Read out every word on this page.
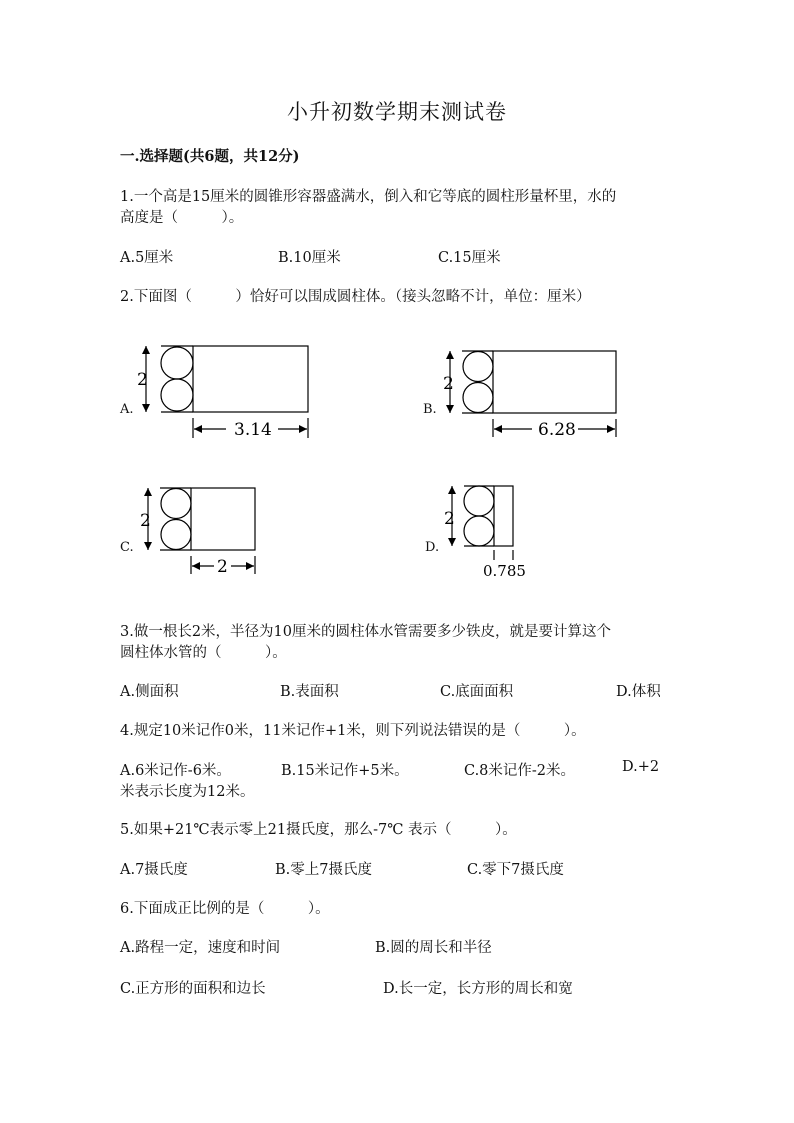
小升初数学期末测试卷
一.选择题(共6题，共12分)
1.一个高是15厘米的圆锥形容器盛满水，倒入和它等底的圆柱形量杯里，水的
高度是（　　　）。
A.5厘米	B.10厘米	C.15厘米
2.下面图（　　　）恰好可以围成圆柱体。（接头忽略不计，单位：厘米）
A.
2
3.14
B.
2
6.28
C.
2
2
D.
2
0.785
3.做一根长2米，半径为10厘米的圆柱体水管需要多少铁皮，就是要计算这个
圆柱体水管的（　　　）。
A.侧面积	B.表面积	C.底面面积	D.体积
4.规定10米记作0米，11米记作+1米，则下列说法错误的是（　　　）。
A.6米记作-6米。	B.15米记作+5米。	C.8米记作-2米。	D.+2
米表示长度为12米。
5.如果+21℃表示零上21摄氏度，那么-7℃ 表示（　　　）。
A.7摄氏度	B.零上7摄氏度	C.零下7摄氏度
6.下面成正比例的是（　　　）。
A.路程一定，速度和时间	B.圆的周长和半径
C.正方形的面积和边长	D.长一定，长方形的周长和宽
